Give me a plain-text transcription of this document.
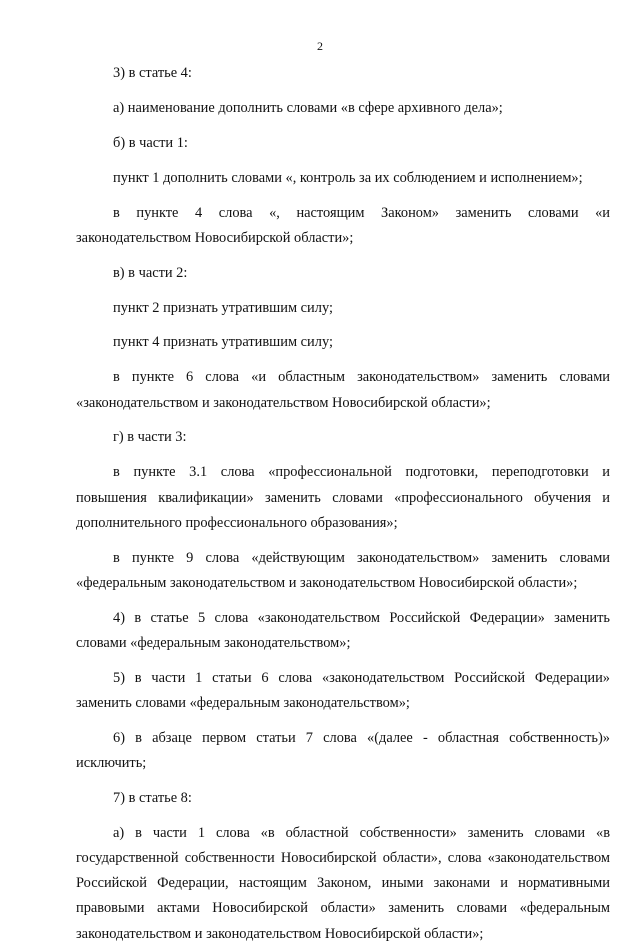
2

3) в статье 4:

а) наименование дополнить словами «в сфере архивного дела»;

б) в части 1:

пункт 1 дополнить словами «, контроль за их соблюдением и исполнением»;

в пункте 4 слова «, настоящим Законом» заменить словами «и законодательством Новосибирской области»;

в) в части 2:

пункт 2 признать утратившим силу;

пункт 4 признать утратившим силу;

в пункте 6 слова «и областным законодательством» заменить словами «законодательством и законодательством Новосибирской области»;

г) в части 3:

в пункте 3.1 слова «профессиональной подготовки, переподготовки и повышения квалификации» заменить словами «профессионального обучения и дополнительного профессионального образования»;

в пункте 9 слова «действующим законодательством» заменить словами «федеральным законодательством и законодательством Новосибирской области»;

4) в статье 5 слова «законодательством Российской Федерации» заменить словами «федеральным законодательством»;

5) в части 1 статьи 6 слова «законодательством Российской Федерации» заменить словами «федеральным законодательством»;

6) в абзаце первом статьи 7 слова «(далее - областная собственность)» исключить;

7) в статье 8:

а) в части 1 слова «в областной собственности» заменить словами «в государственной собственности Новосибирской области», слова «законодательством Российской Федерации, настоящим Законом, иными законами и нормативными правовыми актами Новосибирской области» заменить словами «федеральным законодательством и законодательством Новосибирской области»;
